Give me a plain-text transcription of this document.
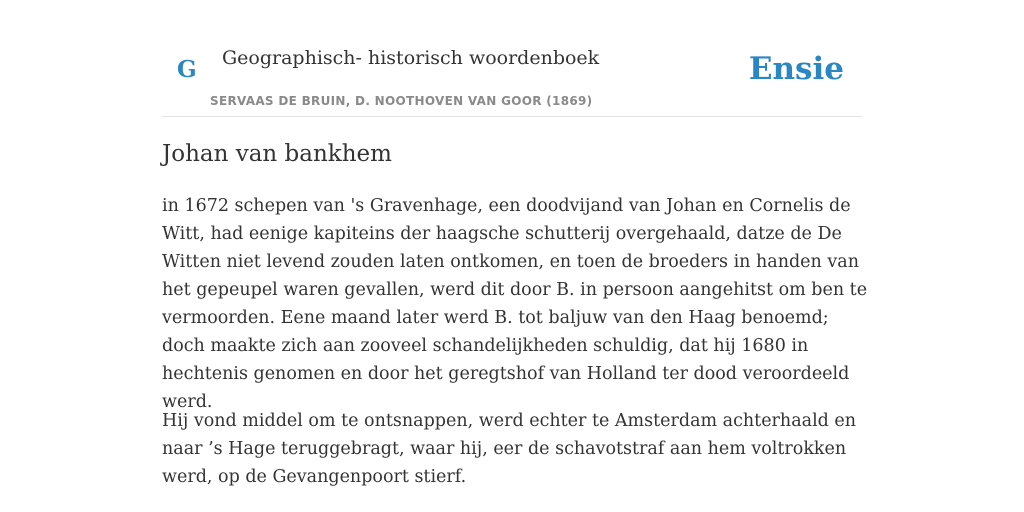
G Geographisch- historisch woordenboek
SERVAAS DE BRUIN, D. NOOTHOVEN VAN GOOR (1869)
Ensie
Johan van bankhem

in 1672 schepen van 's Gravenhage, een doodvijand van Johan en Cornelis de Witt, had eenige kapiteins der haagsche schutterij overgehaald, datze de De Witten niet levend zouden laten ontkomen, en toen de broeders in handen van het gepeupel waren gevallen, werd dit door B. in persoon aangehitst om ben te vermoorden. Eene maand later werd B. tot baljuw van den Haag benoemd; doch maakte zich aan zooveel schandelijkheden schuldig, dat hij 1680 in hechtenis genomen en door het geregtshof van Holland ter dood veroordeeld werd.

Hij vond middel om te ontsnappen, werd echter te Amsterdam achterhaald en naar ’s Hage teruggebragt, waar hij, eer de schavotstraf aan hem voltrokken werd, op de Gevangenpoort stierf.
